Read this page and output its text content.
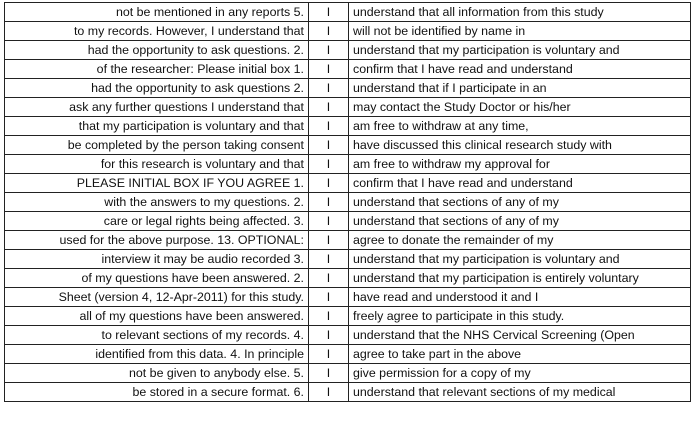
not be mentioned in any reports 5.	I	understand that all information from this study
to my records. However, I understand that	I	will not be identified by name in
had the opportunity to ask questions. 2.	I	understand that my participation is voluntary and
of the researcher: Please initial box 1.	I	confirm that I have read and understand
had the opportunity to ask questions 2.	I	understand that if I participate in an
ask any further questions I understand that	I	may contact the Study Doctor or his/her
that my participation is voluntary and that	I	am free to withdraw at any time,
be completed by the person taking consent	I	have discussed this clinical research study with
for this research is voluntary and that	I	am free to withdraw my approval for
PLEASE INITIAL BOX IF YOU AGREE 1.	I	confirm that I have read and understand
with the answers to my questions. 2.	I	understand that sections of any of my
care or legal rights being affected. 3.	I	understand that sections of any of my
used for the above purpose. 13. OPTIONAL:	I	agree to donate the remainder of my
interview it may be audio recorded 3.	I	understand that my participation is voluntary and
of my questions have been answered. 2.	I	understand that my participation is entirely voluntary
Sheet (version 4, 12-Apr-2011) for this study.	I	have read and understood it and I
all of my questions have been answered.	I	freely agree to participate in this study.
to relevant sections of my records. 4.	I	understand that the NHS Cervical Screening (Open
identified from this data. 4. In principle	I	agree to take part in the above
not be given to anybody else. 5.	I	give permission for a copy of my
be stored in a secure format. 6.	I	understand that relevant sections of my medical
